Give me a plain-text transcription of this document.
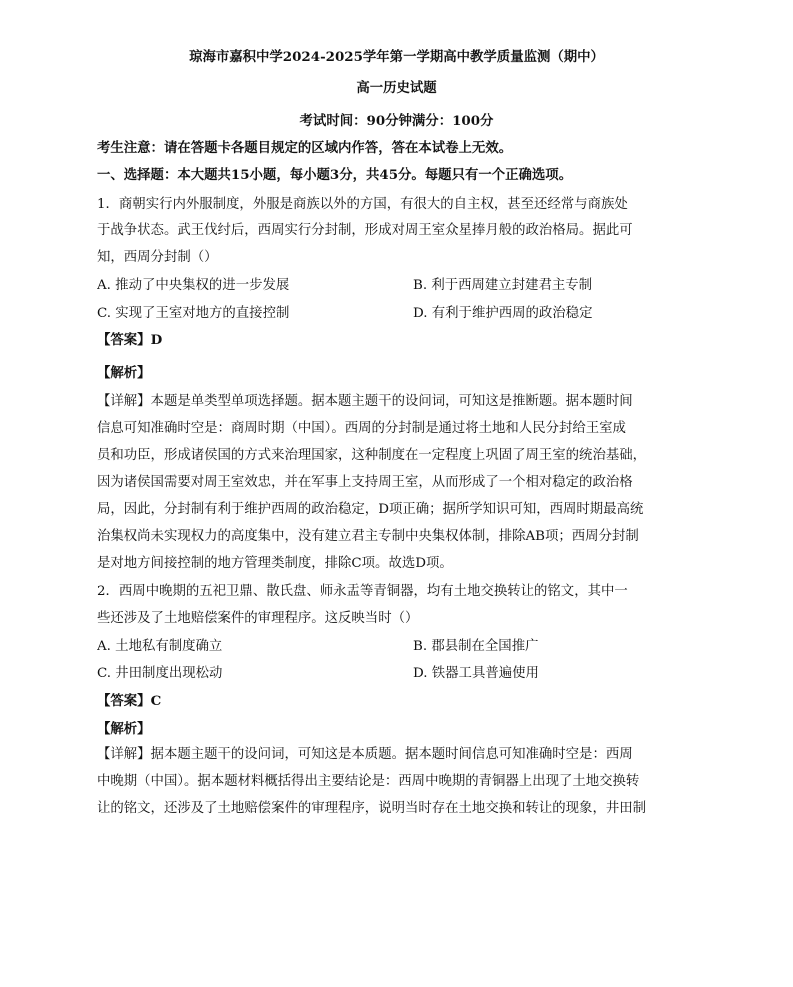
琼海市嘉积中学2024-2025学年第一学期高中教学质量监测（期中）
高一历史试题
考试时间：90分钟满分：100分
考生注意：请在答题卡各题目规定的区域内作答，答在本试卷上无效。
一、选择题：本大题共15小题，每小题3分，共45分。每题只有一个正确选项。
1．商朝实行内外服制度，外服是商族以外的方国，有很大的自主权，甚至还经常与商族处
于战争状态。武王伐纣后，西周实行分封制，形成对周王室众星捧月般的政治格局。据此可
知，西周分封制（）
A. 推动了中央集权的进一步发展	B. 利于西周建立封建君主专制
C. 实现了王室对地方的直接控制	D. 有利于维护西周的政治稳定
【答案】D
【解析】
【详解】本题是单类型单项选择题。据本题主题干的设问词，可知这是推断题。据本题时间
信息可知准确时空是：商周时期（中国）。西周的分封制是通过将土地和人民分封给王室成
员和功臣，形成诸侯国的方式来治理国家，这种制度在一定程度上巩固了周王室的统治基础，
因为诸侯国需要对周王室效忠，并在军事上支持周王室，从而形成了一个相对稳定的政治格
局，因此，分封制有利于维护西周的政治稳定，D项正确；据所学知识可知，西周时期最高统
治集权尚未实现权力的高度集中，没有建立君主专制中央集权体制，排除AB项；西周分封制
是对地方间接控制的地方管理类制度，排除C项。故选D项。
2．西周中晚期的五祀卫鼎、散氏盘、师永盂等青铜器，均有土地交换转让的铭文，其中一
些还涉及了土地赔偿案件的审理程序。这反映当时（）
A. 土地私有制度确立	B. 郡县制在全国推广
C. 井田制度出现松动	D. 铁器工具普遍使用
【答案】C
【解析】
【详解】据本题主题干的设问词，可知这是本质题。据本题时间信息可知准确时空是：西周
中晚期（中国）。据本题材料概括得出主要结论是：西周中晚期的青铜器上出现了土地交换转
让的铭文，还涉及了土地赔偿案件的审理程序，说明当时存在土地交换和转让的现象，井田制
